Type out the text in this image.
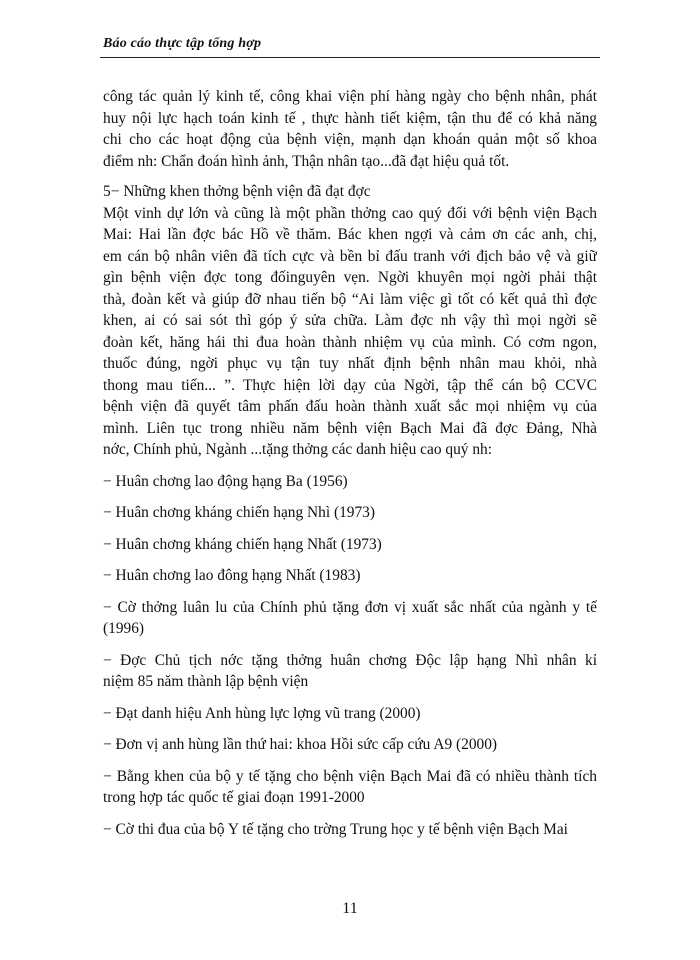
Báo cáo thực tập tổng hợp
công tác quản lý kinh tế, công khai viện phí hàng ngày cho bệnh nhân, phát
huy nội lực hạch toán kinh tế , thực hành tiết kiệm, tận thu để có khả năng
chi cho các hoạt động của bệnh viện, mạnh dạn khoán quản một số khoa
điểm nh: Chẩn đoán hình ảnh, Thận nhân tạo...đã đạt hiệu quả tốt.
5− Những khen thởng bệnh viện đã đạt đợc
Một vinh dự lớn và cũng là một phần thởng cao quý đối với bệnh viện Bạch
Mai: Hai lần đợc bác Hồ về thăm. Bác khen ngợi và cảm ơn các anh, chị,
em cán bộ nhân viên đã tích cực và bền bỉ đấu tranh với địch bảo vệ và giữ
gìn bệnh viện đợc tong đốinguyên vẹn. Ngời khuyên mọi ngời phải thật
thà, đoàn kết và giúp đỡ nhau tiến bộ “Ai làm việc gì tốt có kết quả thì đợc
khen, ai có sai sót thì góp ý sửa chữa. Làm đợc nh vậy thì mọi ngời sẽ
đoàn kết, hăng hái thi đua hoàn thành nhiệm vụ của mình. Có cơm ngon,
thuốc đúng, ngời phục vụ tận tuy nhất định bệnh nhân mau khỏi, nhà
thong mau tiến... ”. Thực hiện lời dạy của Ngời, tập thể cán bộ CCVC
bệnh viện đã quyết tâm phấn đấu hoàn thành xuất sắc mọi nhiệm vụ của
mình. Liên tục trong nhiều năm bệnh viện Bạch Mai đã đợc Đảng, Nhà
nớc, Chính phủ, Ngành ...tặng thởng các danh hiệu cao quý nh:
− Huân chơng lao động hạng Ba (1956)
− Huân chơng kháng chiến hạng Nhì (1973)
− Huân chơng kháng chiến hạng Nhất (1973)
− Huân chơng lao đông hạng Nhất (1983)
− Cờ thởng luân lu của Chính phủ tặng đơn vị xuất sắc nhất của ngành y tế
(1996)
− Đợc Chủ tịch nớc tặng thởng huân chơng Độc lập hạng Nhì nhân kỉ
niệm 85 năm thành lập bệnh viện
− Đạt danh hiệu Anh hùng lực lợng vũ trang (2000)
− Đơn vị anh hùng lần thứ hai: khoa Hồi sức cấp cứu A9 (2000)
− Bằng khen của bộ y tế tặng cho bệnh viện Bạch Mai đã có nhiều thành tích
trong hợp tác quốc tế giai đoạn 1991-2000
− Cờ thi đua của bộ Y tế tặng cho trờng Trung học y tế bệnh viện Bạch Mai
11
